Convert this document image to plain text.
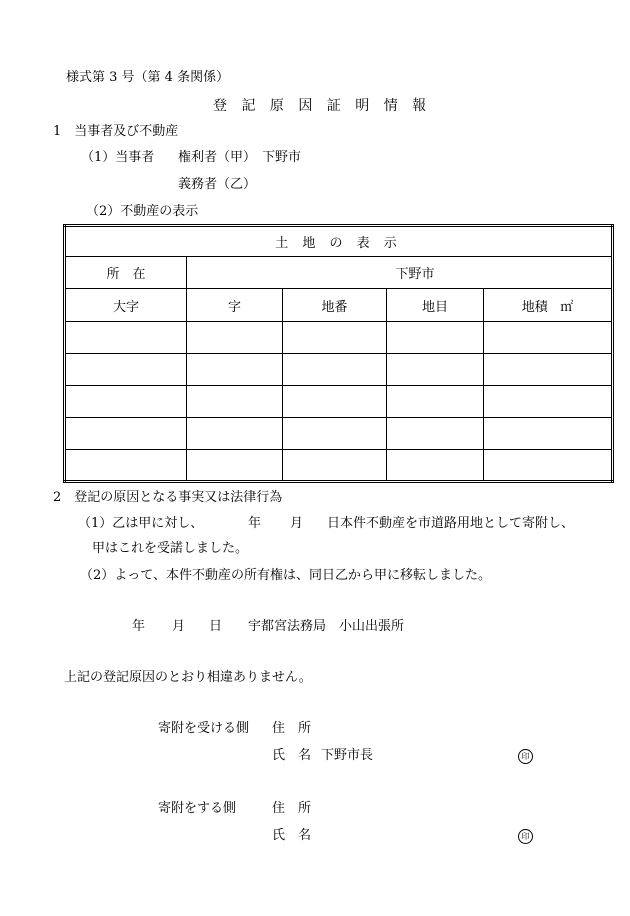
様式第 3 号（第 4 条関係）
登 記 原 因 証 明 情 報
1　当事者及び不動産
（1）当事者 権利者（甲） 下野市
義務者（乙）
（2）不動産の表示
土 地 の 表 示				
所　在	下野市			
大字	字	地番	地目	地積 ㎡

2　登記の原因となる事実又は法律行為
（1）乙は甲に対し、	年 月 日本件不動産を市道路用地として寄附し、
甲はこれを受諾しました。
（2）よって、本件不動産の所有権は、同日乙から甲に移転しました。
年 月 日 宇都宮法務局　小山出張所
上記の登記原因のとおり相違ありません。
寄附を受ける側 住　所
氏　名 下野市長	印
寄附をする側	住　所
氏　名	印
